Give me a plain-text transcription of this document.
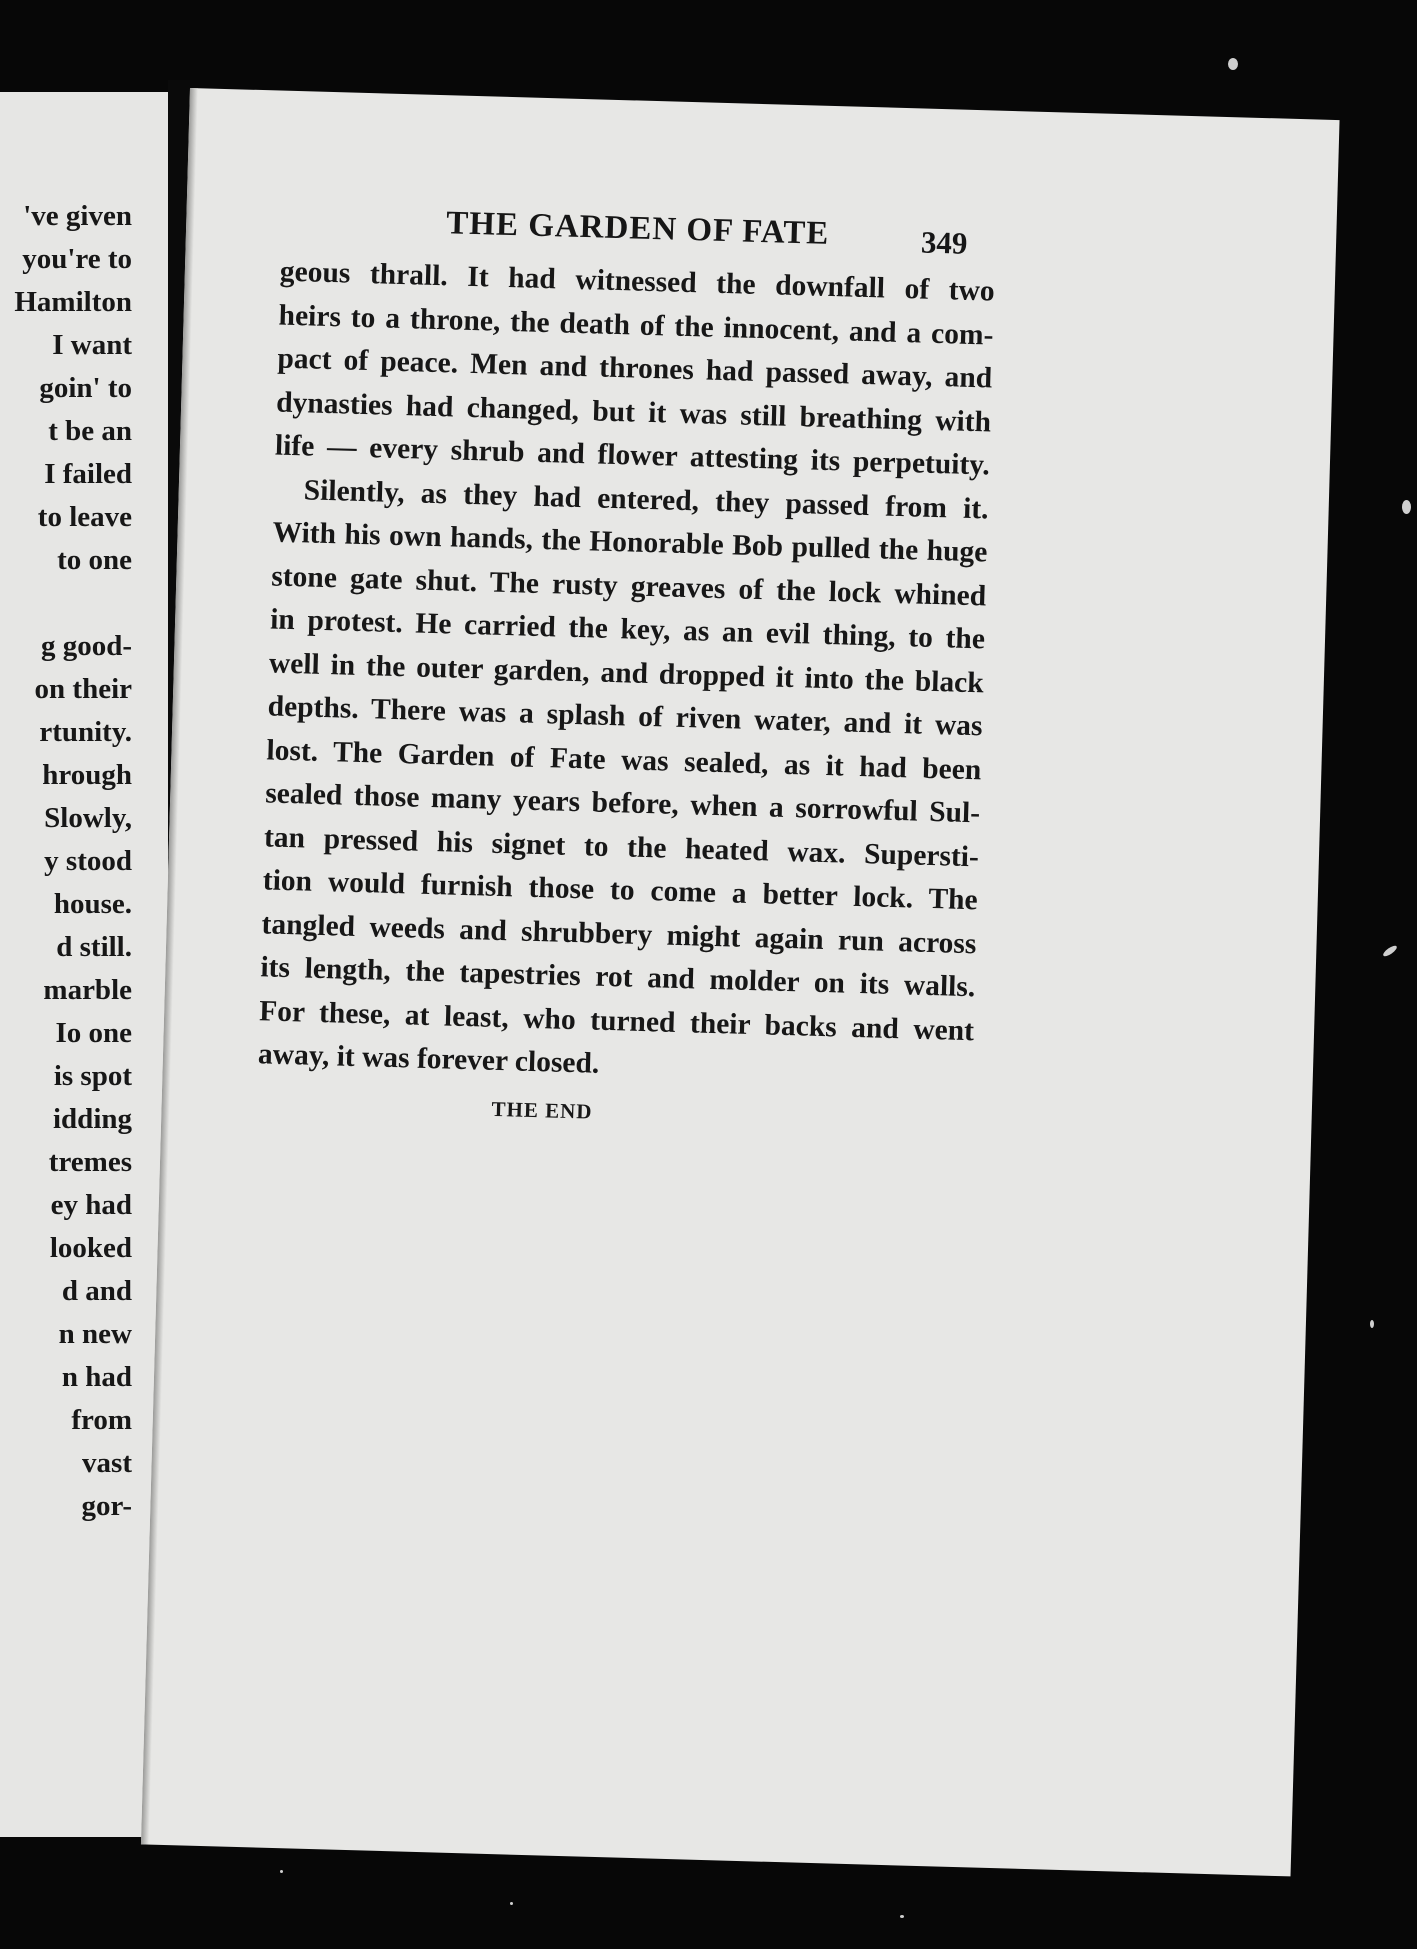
've given
you're to
Hamilton
I want
goin' to
t be an
I failed
to leave
to one
g good-
on their
rtunity.
hrough
Slowly,
y stood
house.
d still.
marble
Io one
is spot
idding
tremes
ey had
looked
d and
n new
n had
from
vast
gor-
THE GARDEN OF FATE	349
geous thrall. It had witnessed the downfall of two
heirs to a throne, the death of the innocent, and a com-
pact of peace. Men and thrones had passed away, and
dynasties had changed, but it was still breathing with
life — every shrub and flower attesting its perpetuity.
Silently, as they had entered, they passed from it.
With his own hands, the Honorable Bob pulled the huge
stone gate shut. The rusty greaves of the lock whined
in protest. He carried the key, as an evil thing, to the
well in the outer garden, and dropped it into the black
depths. There was a splash of riven water, and it was
lost. The Garden of Fate was sealed, as it had been
sealed those many years before, when a sorrowful Sul-
tan pressed his signet to the heated wax. Supersti-
tion would furnish those to come a better lock. The
tangled weeds and shrubbery might again run across
its length, the tapestries rot and molder on its walls.
For these, at least, who turned their backs and went
away, it was forever closed.
THE END
